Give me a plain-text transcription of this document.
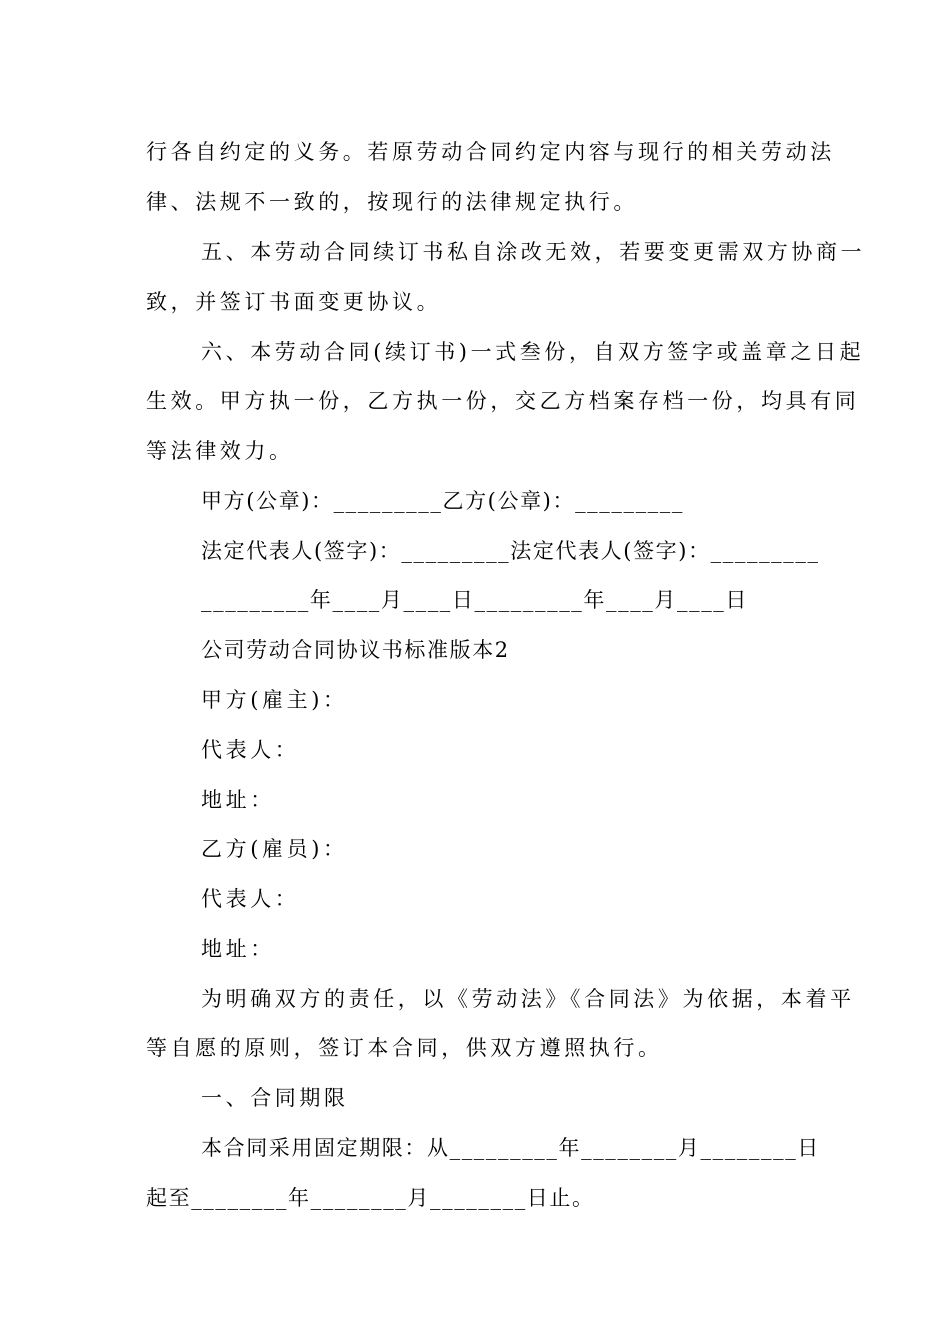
行各自约定的义务。若原劳动合同约定内容与现行的相关劳动法
律、法规不一致的，按现行的法律规定执行。
五、本劳动合同续订书私自涂改无效，若要变更需双方协商一
致，并签订书面变更协议。
六、本劳动合同(续订书)一式叁份，自双方签字或盖章之日起
生效。甲方执一份，乙方执一份，交乙方档案存档一份，均具有同
等法律效力。
甲方(公章)：_________乙方(公章)：_________
法定代表人(签字)：_________法定代表人(签字)：_________
_________年____月____日_________年____月____日
公司劳动合同协议书标准版本2
甲方(雇主)：
代表人：
地址：
乙方(雇员)：
代表人：
地址：
为明确双方的责任，以《劳动法》《合同法》为依据，本着平
等自愿的原则，签订本合同，供双方遵照执行。
一、合同期限
本合同采用固定期限：从_________年________月________日
起至________年________月________日止。
